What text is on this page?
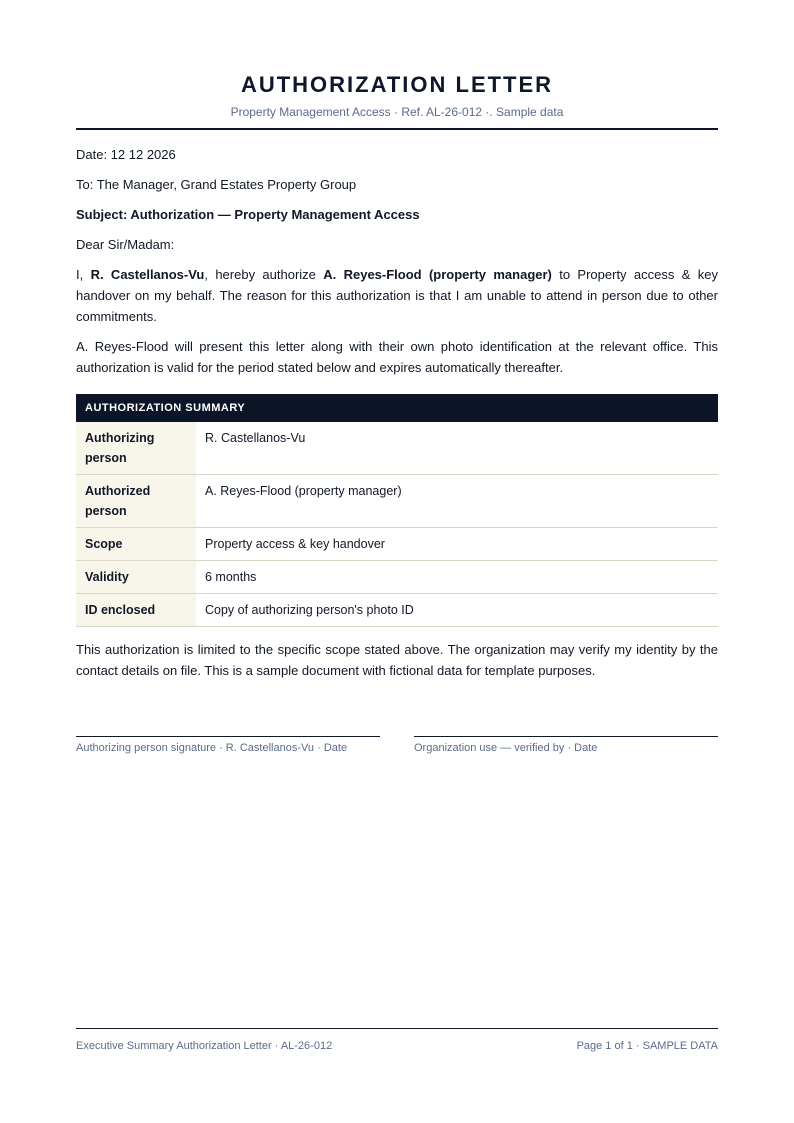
AUTHORIZATION LETTER
Property Management Access · Ref. AL-26-012 ·. Sample data
Date: 12 12 2026
To: The Manager, Grand Estates Property Group
Subject: Authorization — Property Management Access
Dear Sir/Madam:
I, R. Castellanos-Vu, hereby authorize A. Reyes-Flood (property manager) to Property access & key handover on my behalf. The reason for this authorization is that I am unable to attend in person due to other commitments.
A. Reyes-Flood will present this letter along with their own photo identification at the relevant office. This authorization is valid for the period stated below and expires automatically thereafter.
AUTHORIZATION SUMMARY	
Authorizing person	R. Castellanos-Vu
Authorized person	A. Reyes-Flood (property manager)
Scope	Property access & key handover
Validity	6 months
ID enclosed	Copy of authorizing person's photo ID
This authorization is limited to the specific scope stated above. The organization may verify my identity by the contact details on file. This is a sample document with fictional data for template purposes.
Authorizing person signature · R. Castellanos-Vu · Date	Organization use — verified by · Date
Executive Summary Authorization Letter · AL-26-012	Page 1 of 1 · SAMPLE DATA
